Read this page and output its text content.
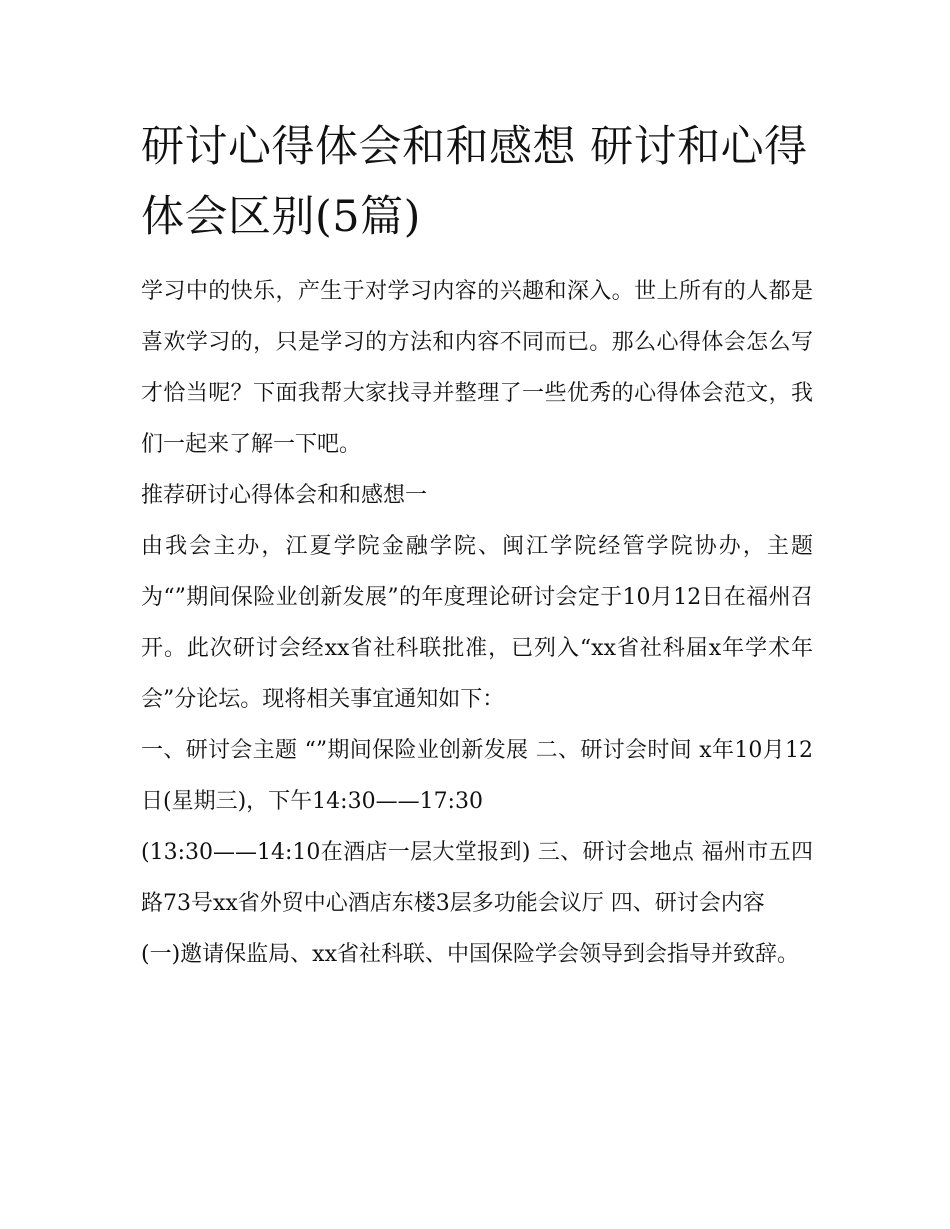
研讨心得体会和和感想 研讨和心得体会区别(5篇)

学习中的快乐，产生于对学习内容的兴趣和深入。世上所有的人都是喜欢学习的，只是学习的方法和内容不同而已。那么心得体会怎么写才恰当呢？下面我帮大家找寻并整理了一些优秀的心得体会范文，我们一起来了解一下吧。

推荐研讨心得体会和和感想一

由我会主办，江夏学院金融学院、闽江学院经管学院协办，主题为“”期间保险业创新发展”的年度理论研讨会定于10月12日在福州召开。此次研讨会经xx省社科联批准，已列入“xx省社科届x年学术年会”分论坛。现将相关事宜通知如下：

一、研讨会主题 “”期间保险业创新发展 二、研讨会时间 x年10月12日(星期三)，下午14:30——17:30

(13:30——14:10在酒店一层大堂报到) 三、研讨会地点 福州市五四路73号xx省外贸中心酒店东楼3层多功能会议厅 四、研讨会内容

(一)邀请保监局、xx省社科联、中国保险学会领导到会指导并致辞。
